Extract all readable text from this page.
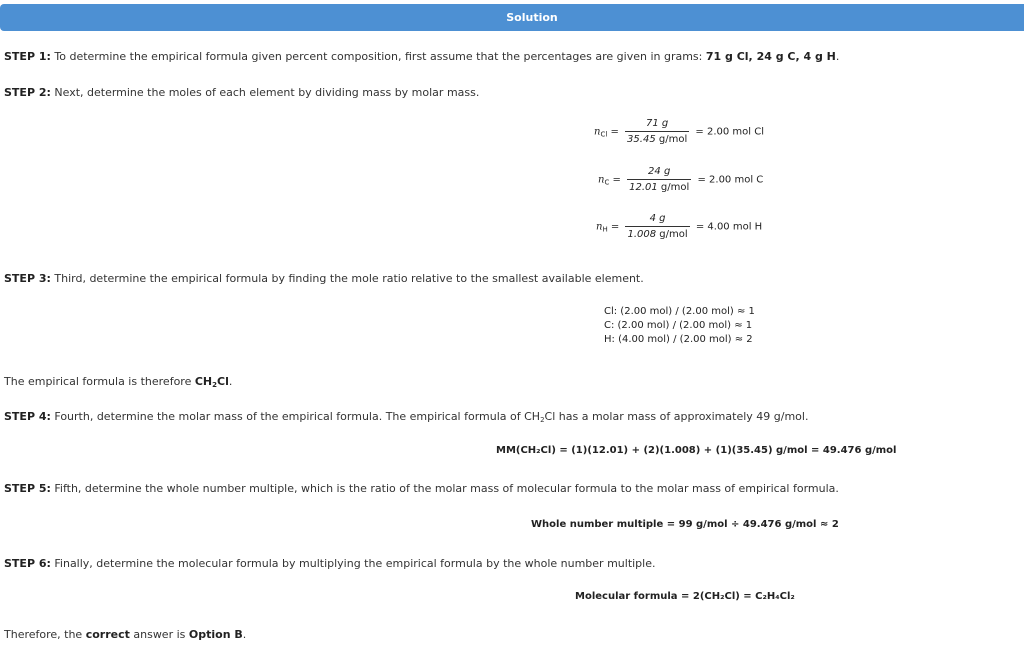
Solution
STEP 1: To determine the empirical formula given percent composition, first assume that the percentages are given in grams: 71 g Cl, 24 g C, 4 g H.
STEP 2: Next, determine the moles of each element by dividing mass by molar mass.
$n_{Cl} = \frac{71 g}{\text{35.45 g/mol}} = 2.00$ mol Cl
$n_C = \frac{24 g}{\text{12.01 g/mol}} = 2.00$ mol C
$n_H = \frac{4 g}{\text{1.008 g/mol}} = 4.00$ mol H
STEP 3: Third, determine the empirical formula by finding the mole ratio relative to the smallest available element.
Cl: (2.00 mol) / (2.00 mol) ≈ 1
C: (2.00 mol) / (2.00 mol) ≈ 1
H: (4.00 mol) / (2.00 mol) ≈ 2
The empirical formula is therefore $CH_2Cl$.
STEP 4: Fourth, determine the molar mass of the empirical formula. The empirical formula of $CH_2Cl$ has a molar mass of approximately 49 g/mol.
MM(CH₂Cl) = (1)(12.01) + (2)(1.008) + (1)(35.45) g/mol = 49.476 g/mol
STEP 5: Fifth, determine the whole number multiple, which is the ratio of the molar mass of molecular formula to the molar mass of empirical formula.
Whole number multiple = 99 g/mol ÷ 49.476 g/mol ≈ 2
STEP 6: Finally, determine the molecular formula by multiplying the empirical formula by the whole number multiple.
Molecular formula = 2(CH₂Cl) = C₂H₄Cl₂
Therefore, the correct answer is Option B.
